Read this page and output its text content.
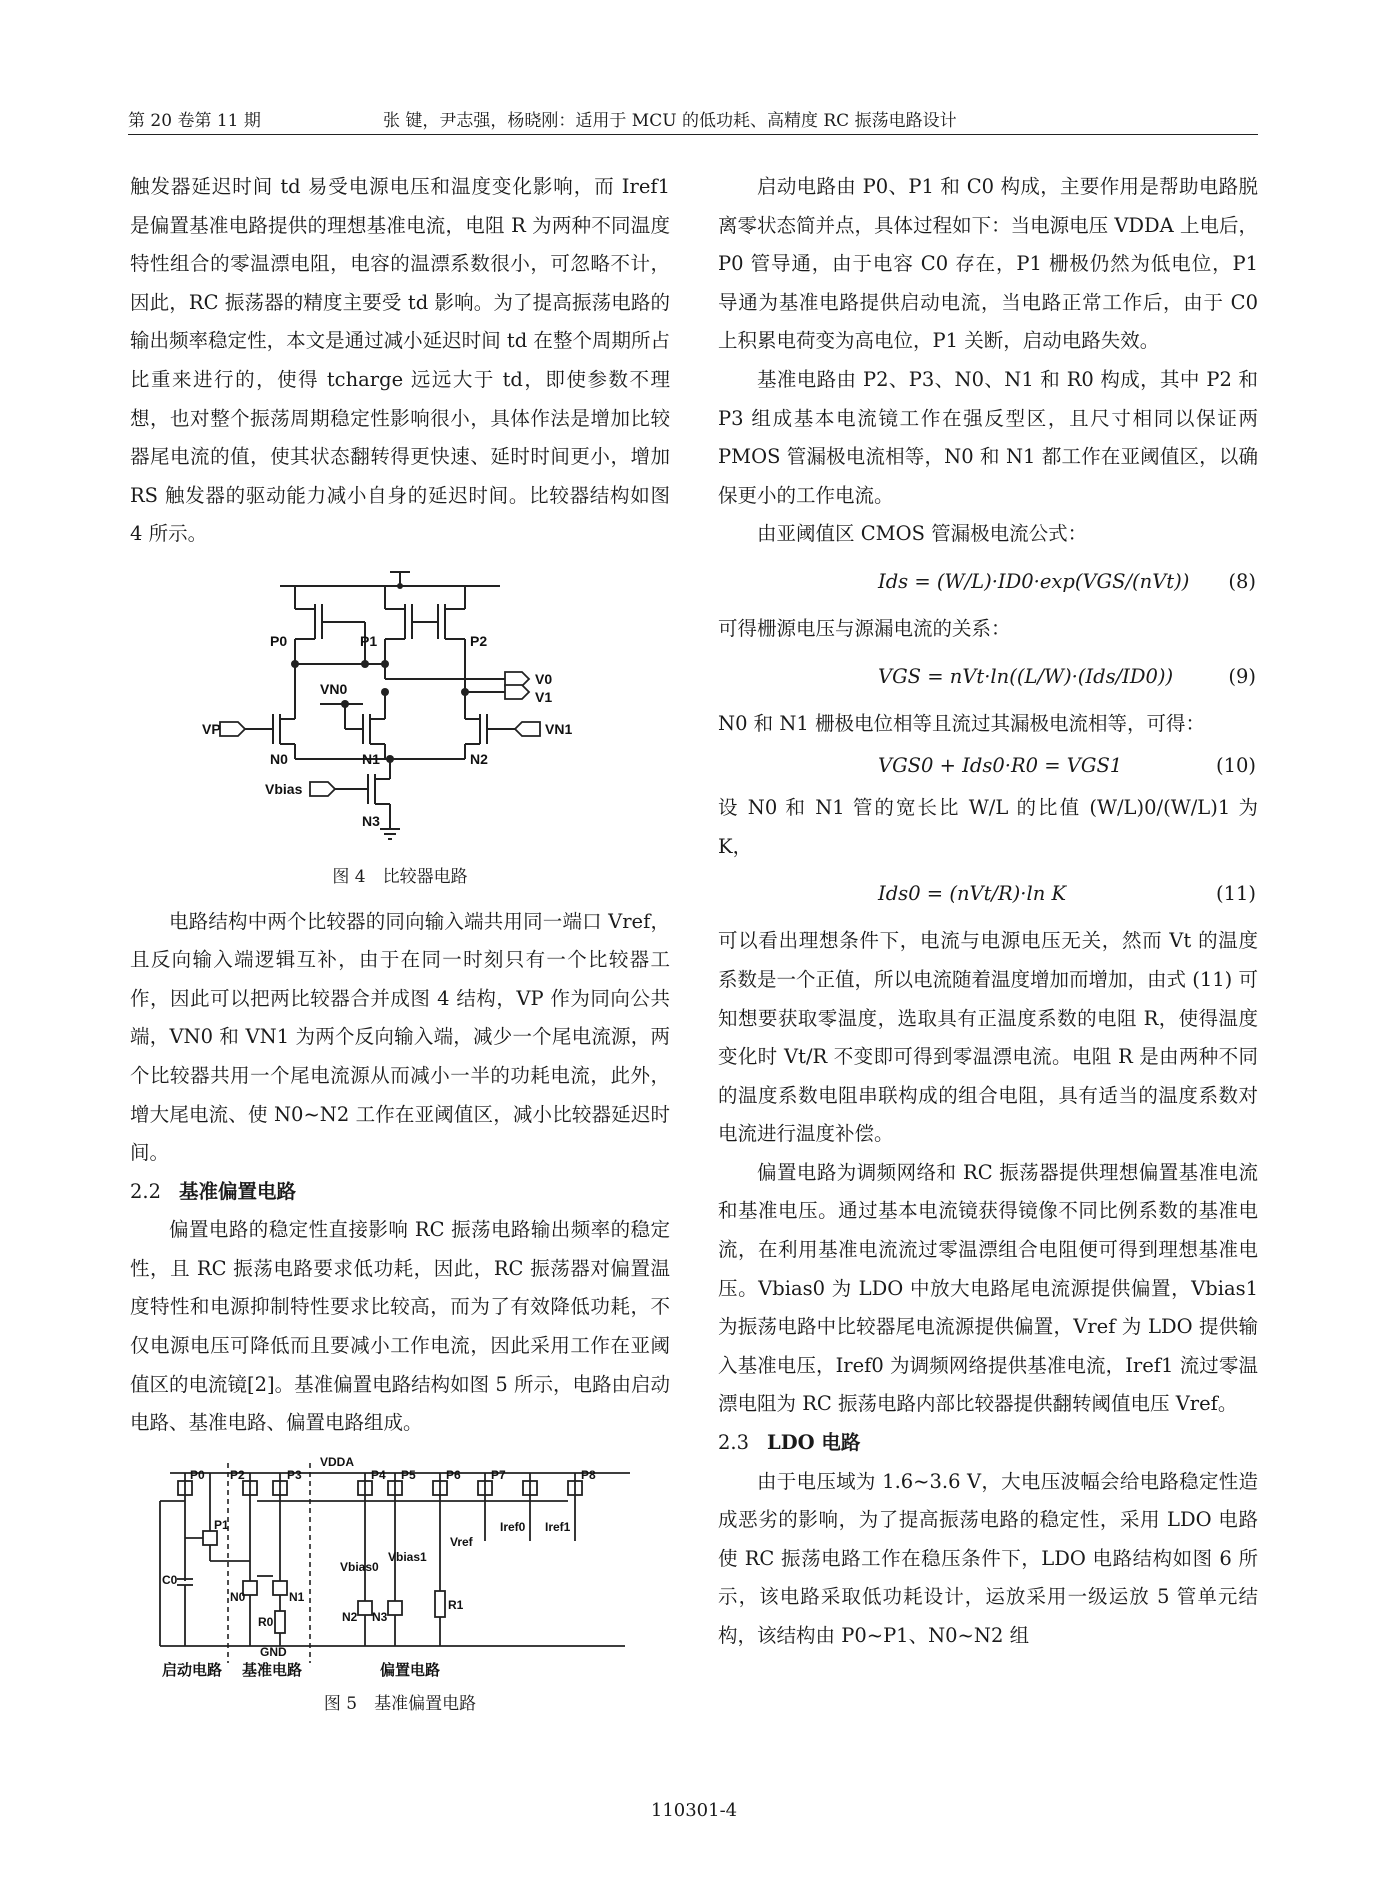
第 20 卷第 11 期	张 键，尹志强，杨晓刚：适用于 MCU 的低功耗、高精度 RC 振荡电路设计

触发器延迟时间 td 易受电源电压和温度变化影响，而 Iref1 是偏置基准电路提供的理想基准电流，电阻 R 为两种不同温度特性组合的零温漂电阻，电容的温漂系数很小，可忽略不计，因此，RC 振荡器的精度主要受 td 影响。为了提高振荡电路的输出频率稳定性，本文是通过减小延迟时间 td 在整个周期所占比重来进行的，使得 tcharge 远远大于 td，即使参数不理想，也对整个振荡周期稳定性影响很小，具体作法是增加比较器尾电流的值，使其状态翻转得更快速、延时时间更小，增加 RS 触发器的驱动能力减小自身的延迟时间。比较器结构如图 4 所示。

P0	P1	P2
N0	N1	N2
N3
VP
VN0
VN1
Vbias
V0
V1
图 4　比较器电路

电路结构中两个比较器的同向输入端共用同一端口 Vref，且反向输入端逻辑互补，由于在同一时刻只有一个比较器工作，因此可以把两比较器合并成图 4 结构，VP 作为同向公共端，VN0 和 VN1 为两个反向输入端，减少一个尾电流源，两个比较器共用一个尾电流源从而减小一半的功耗电流，此外，增大尾电流、使 N0~N2 工作在亚阈值区，减小比较器延迟时间。

2.2 基准偏置电路

偏置电路的稳定性直接影响 RC 振荡电路输出频率的稳定性，且 RC 振荡电路要求低功耗，因此，RC 振荡器对偏置温度特性和电源抑制特性要求比较高，而为了有效降低功耗，不仅电源电压可降低而且要减小工作电流，因此采用工作在亚阈值区的电流镜[2]。基准偏置电路结构如图 5 所示，电路由启动电路、基准电路、偏置电路组成。

VDDA
GND
C0
R0
R1
Vref
Iref0 Iref1
Vbias0
Vbias1
P0
P1
P2	P3	P4 P5	P6	P7	P8
N0	N1
N2 N3
启动电路 基准电路	偏置电路
图 5　基准偏置电路

启动电路由 P0、P1 和 C0 构成，主要作用是帮助电路脱离零状态简并点，具体过程如下：当电源电压 VDDA 上电后，P0 管导通，由于电容 C0 存在，P1 栅极仍然为低电位，P1 导通为基准电路提供启动电流，当电路正常工作后，由于 C0 上积累电荷变为高电位，P1 关断，启动电路失效。

基准电路由 P2、P3、N0、N1 和 R0 构成，其中 P2 和 P3 组成基本电流镜工作在强反型区，且尺寸相同以保证两 PMOS 管漏极电流相等，N0 和 N1 都工作在亚阈值区，以确保更小的工作电流。

由亚阈值区 CMOS 管漏极电流公式：

Ids = (W/L)·ID0·exp(VGS/(nVt)) (8)

可得栅源电压与源漏电流的关系：

VGS = nVt·ln((L/W)·(Ids/ID0))	(9)

N0 和 N1 栅极电位相等且流过其漏极电流相等，可得：

VGS0 + Ids0·R0 = VGS1	(10)

设 N0 和 N1 管的宽长比 W/L 的比值 (W/L)0/(W/L)1 为 K，

Ids0 = (nVt/R)·ln K	(11)

可以看出理想条件下，电流与电源电压无关，然而 Vt 的温度系数是一个正值，所以电流随着温度增加而增加，由式 (11) 可知想要获取零温度，选取具有正温度系数的电阻 R，使得温度变化时 Vt/R 不变即可得到零温漂电流。电阻 R 是由两种不同的温度系数电阻串联构成的组合电阻，具有适当的温度系数对电流进行温度补偿。

偏置电路为调频网络和 RC 振荡器提供理想偏置基准电流和基准电压。通过基本电流镜获得镜像不同比例系数的基准电流，在利用基准电流流过零温漂组合电阻便可得到理想基准电压。Vbias0 为 LDO 中放大电路尾电流源提供偏置，Vbias1 为振荡电路中比较器尾电流源提供偏置，Vref 为 LDO 提供输入基准电压，Iref0 为调频网络提供基准电流，Iref1 流过零温漂电阻为 RC 振荡电路内部比较器提供翻转阈值电压 Vref。

2.3 LDO 电路

由于电压域为 1.6~3.6 V，大电压波幅会给电路稳定性造成恶劣的影响，为了提高振荡电路的稳定性，采用 LDO 电路使 RC 振荡电路工作在稳压条件下，LDO 电路结构如图 6 所示，该电路采取低功耗设计，运放采用一级运放 5 管单元结构，该结构由 P0~P1、N0~N2 组

110301-4
